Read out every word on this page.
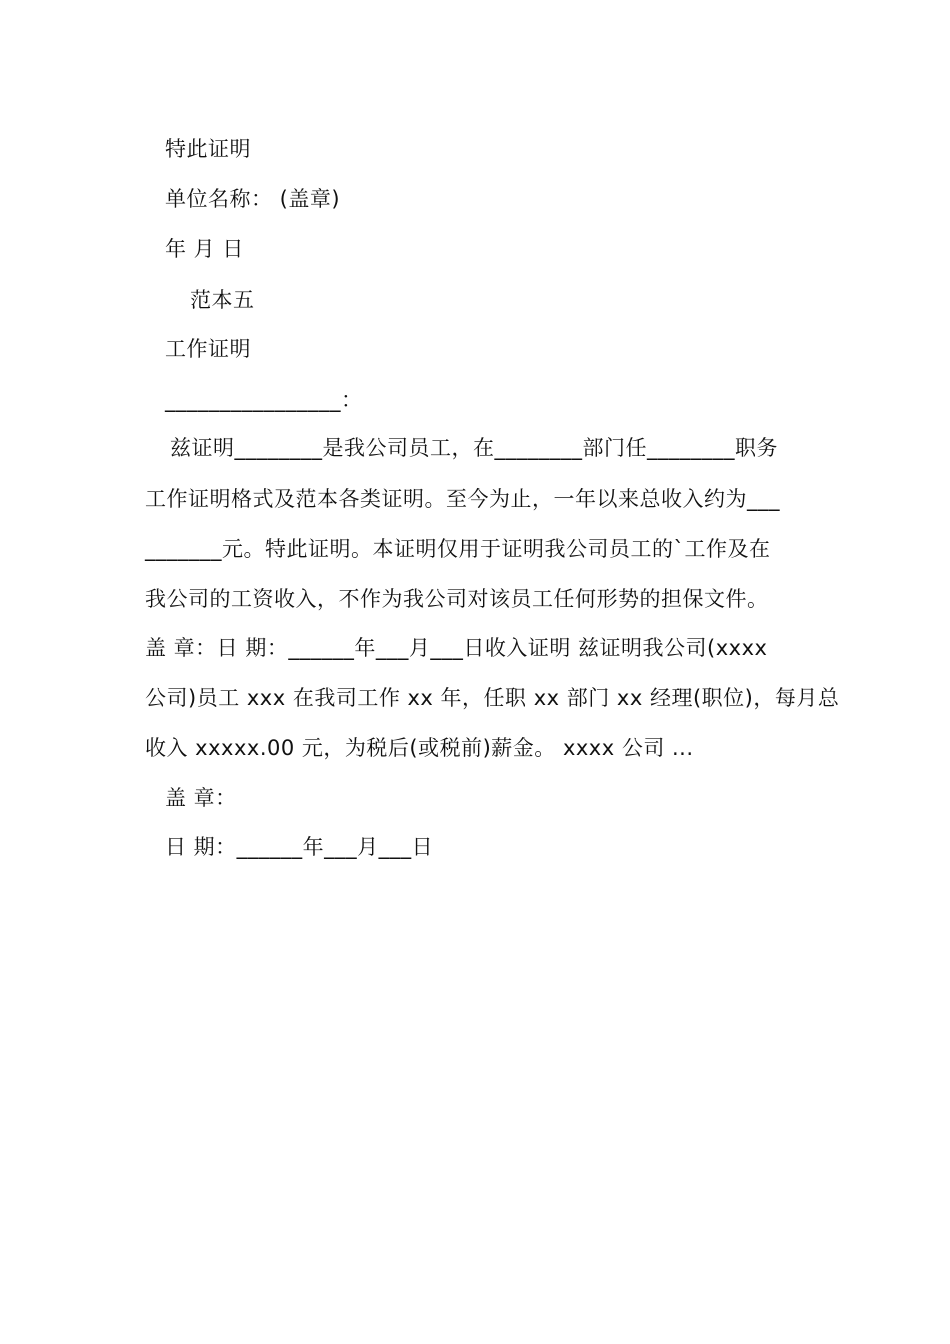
特此证明
单位名称： (盖章)
年 月 日
范本五
工作证明
________________：
兹证明________是我公司员工，在________部门任________职务
工作证明格式及范本各类证明。至今为止，一年以来总收入约为___
_______元。特此证明。本证明仅用于证明我公司员工的`工作及在
我公司的工资收入，不作为我公司对该员工任何形势的担保文件。
盖 章：日 期：______年___月___日收入证明 兹证明我公司(xxxx
公司)员工 xxx 在我司工作 xx 年，任职 xx 部门 xx 经理(职位)，每月总
收入 xxxxx.00 元，为税后(或税前)薪金。 xxxx 公司 ...
盖 章：
日 期：______年___月___日
